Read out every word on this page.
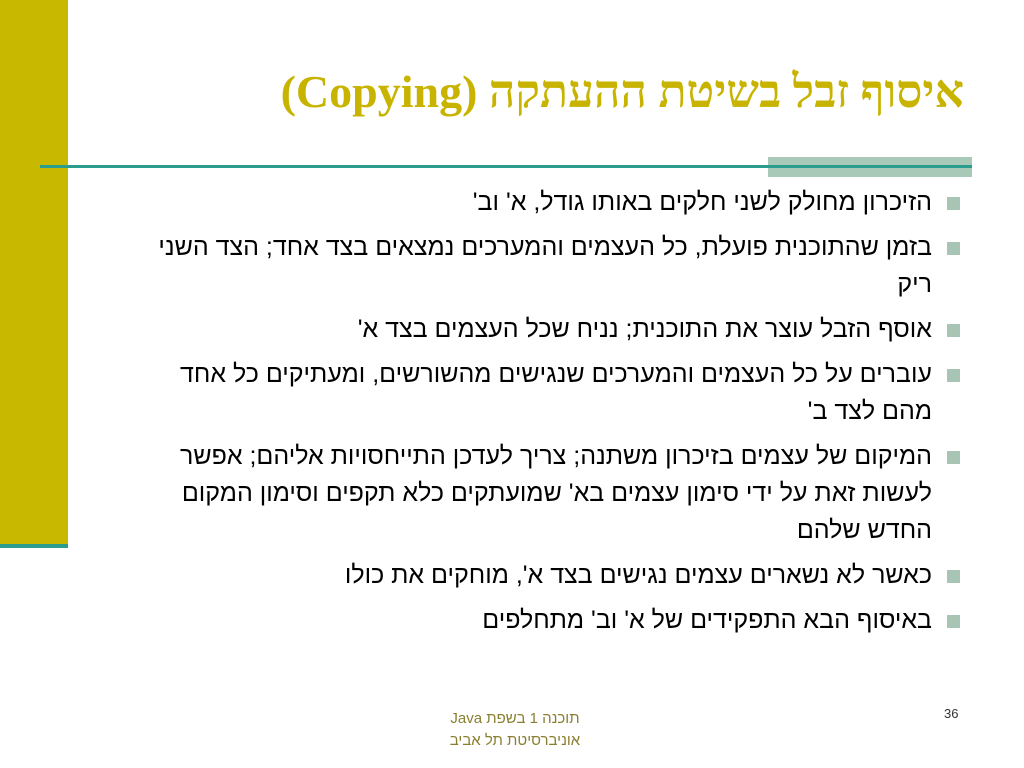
איסוף זבל בשיטת ההעתקה (Copying)
הזיכרון מחולק לשני חלקים באותו גודל, א' וב'
בזמן שהתוכנית פועלת, כל העצמים והמערכים נמצאים בצד אחד; הצד השני ריק
אוסף הזבל עוצר את התוכנית; נניח שכל העצמים בצד א'
עוברים על כל העצמים והמערכים שנגישים מהשורשים, ומעתיקים כל אחד מהם לצד ב'
המיקום של עצמים בזיכרון משתנה; צריך לעדכן התייחסויות אליהם; אפשר לעשות זאת על ידי סימון עצמים בא' שמועתקים כלא תקפים וסימון המקום החדש שלהם
כאשר לא נשארים עצמים נגישים בצד א', מוחקים את כולו
באיסוף הבא התפקידים של א' וב' מתחלפים
תוכנה 1 בשפת Java
אוניברסיטת תל אביב
36
